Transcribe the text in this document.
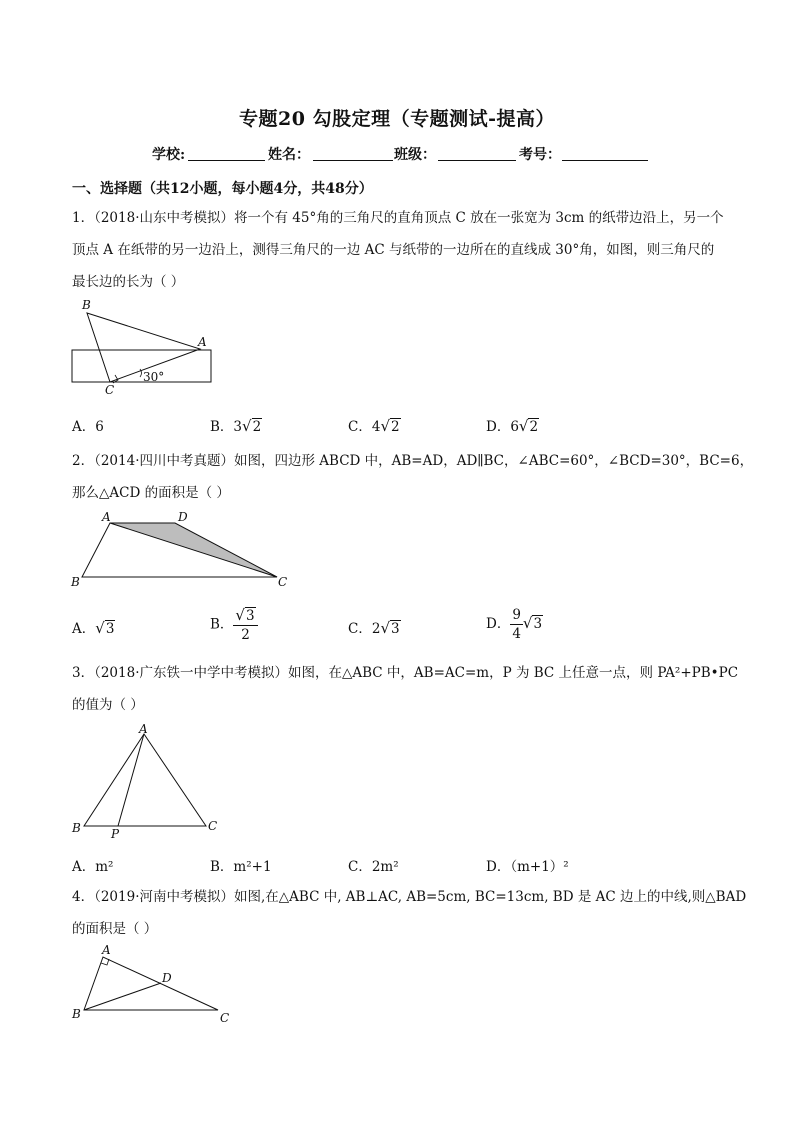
专题20 勾股定理（专题测试-提高）
学校:	姓名：	班级：	考号：
一、选择题（共12小题，每小题4分，共48分）
1．（2018·山东中考模拟）将一个有 45°角的三角尺的直角顶点 C 放在一张宽为 3cm 的纸带边沿上，另一个
顶点 A 在纸带的另一边沿上，测得三角尺的一边 AC 与纸带的一边所在的直线成 30°角，如图，则三角尺的
最长边的长为（ ）
B
A
C
30°
A．6	B．3√2	C．4√2	D．6√2
2．（2014·四川中考真题）如图，四边形 ABCD 中，AB=AD，AD∥BC，∠ABC=60°，∠BCD=30°，BC=6，
那么△ACD 的面积是（ ）
A	D
B	C
A．√3	B． $\frac{√3}{2}$	C．2√3	D． $\frac{9}{4} √3$
3．（2018·广东铁一中学中考模拟）如图，在△ABC 中，AB=AC=m，P 为 BC 上任意一点，则 PA²+PB•PC
的值为（ ）
A
B	P
C
A．m²	B．m²+1	C．2m²	D．（m+1）²
4．（2019·河南中考模拟）如图,在△ABC 中, AB⊥AC, AB=5cm, BC=13cm, BD 是 AC 边上的中线,则△BAD
的面积是（ ）
A
D
B	C
